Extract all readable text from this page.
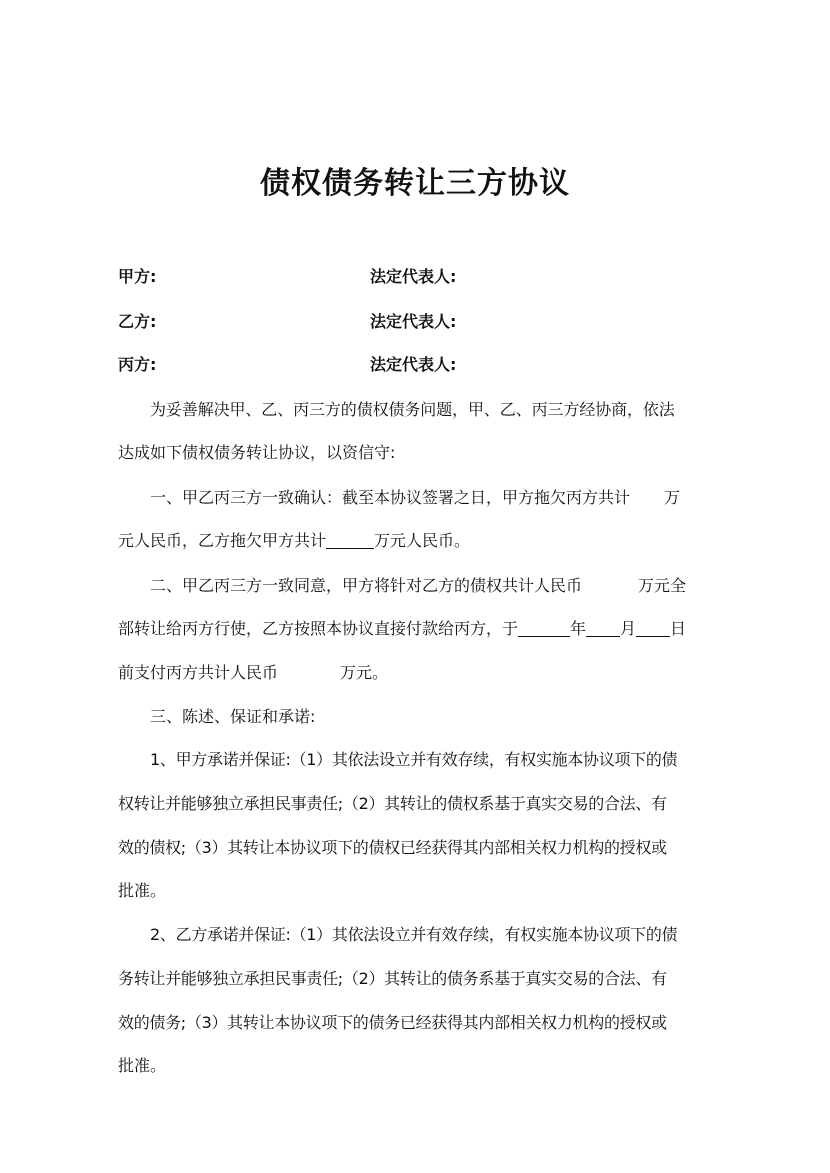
​
债权债务转让三方协议
甲方:	法定代表人:
乙方:	法定代表人:
丙方:	法定代表人:
为妥善解决甲、乙、丙三方的债权债务问题，甲、乙、丙三方经协商，依法
达成如下债权债务转让协议，以资信守:
一、甲乙丙三方一致确认：截至本协议签署之日，甲方拖欠丙方共计 万
元人民币，乙方拖欠甲方共计	万元人民币。
二、甲乙丙三方一致同意，甲方将针对乙方的债权共计人民币	万元全
部转让给丙方行使，乙方按照本协议直接付款给丙方，于	年 月 日
前支付丙方共计人民币	万元。
三、陈述、保证和承诺:
1、甲方承诺并保证:（1）其依法设立并有效存续，有权实施本协议项下的债
权转让并能够独立承担民事责任;（2）其转让的债权系基于真实交易的合法、有
效的债权;（3）其转让本协议项下的债权已经获得其内部相关权力机构的授权或
批准。
2、乙方承诺并保证:（1）其依法设立并有效存续，有权实施本协议项下的债
务转让并能够独立承担民事责任;（2）其转让的债务系基于真实交易的合法、有
效的债务;（3）其转让本协议项下的债务已经获得其内部相关权力机构的授权或
批准。
